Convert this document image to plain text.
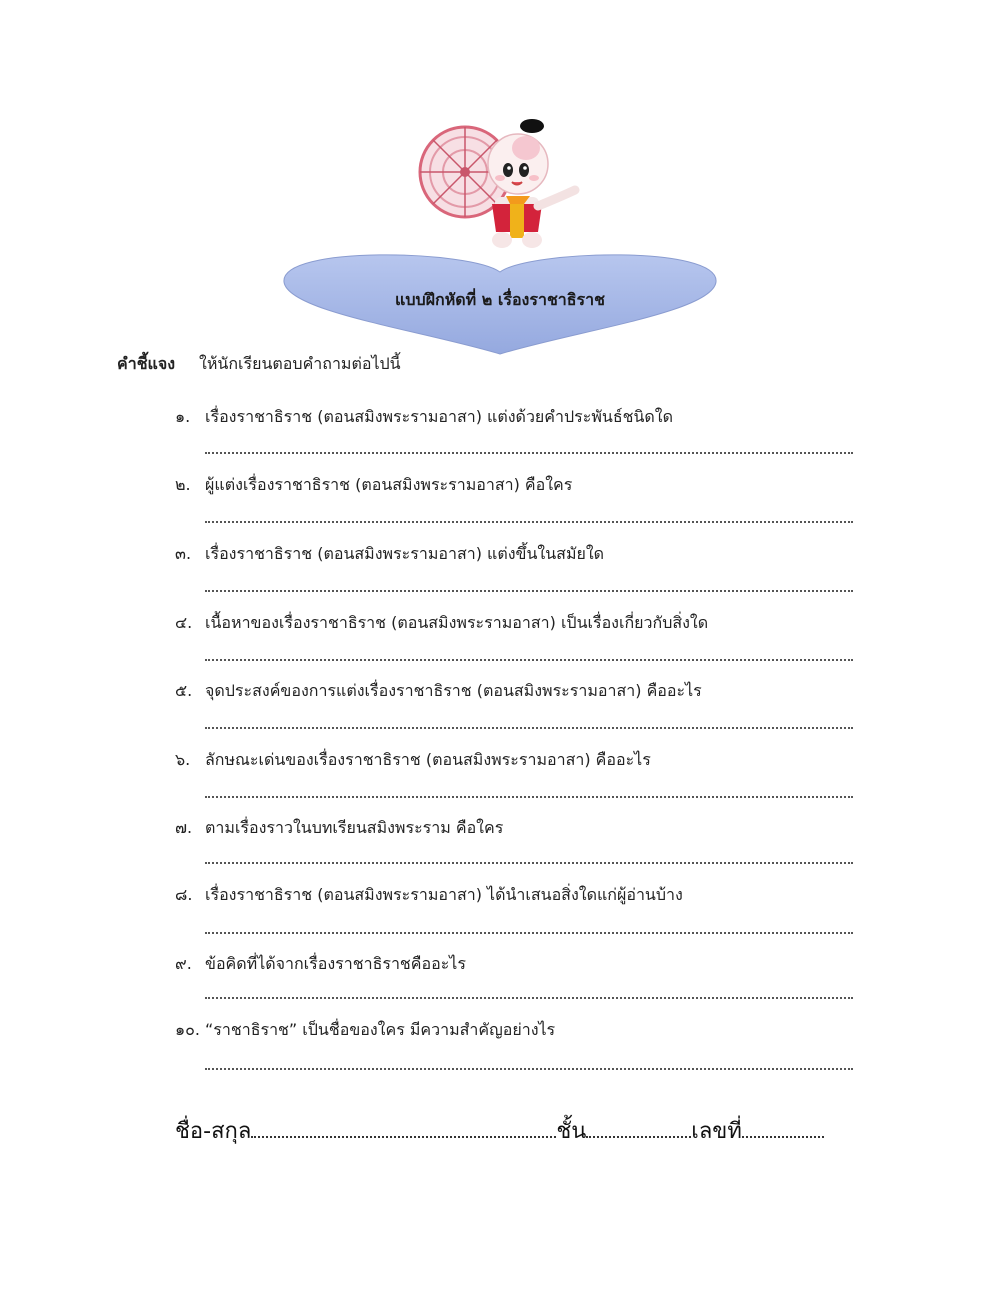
แบบฝึกหัดที่ ๒ เรื่องราชาธิราช
คำชี้แจง ให้นักเรียนตอบคำถามต่อไปนี้
๑. เรื่องราชาธิราช (ตอนสมิงพระรามอาสา) แต่งด้วยคำประพันธ์ชนิดใด
๒. ผู้แต่งเรื่องราชาธิราช (ตอนสมิงพระรามอาสา) คือใคร
๓. เรื่องราชาธิราช (ตอนสมิงพระรามอาสา) แต่งขึ้นในสมัยใด
๔. เนื้อหาของเรื่องราชาธิราช (ตอนสมิงพระรามอาสา) เป็นเรื่องเกี่ยวกับสิ่งใด
๕. จุดประสงค์ของการแต่งเรื่องราชาธิราช (ตอนสมิงพระรามอาสา) คืออะไร
๖. ลักษณะเด่นของเรื่องราชาธิราช (ตอนสมิงพระรามอาสา) คืออะไร
๗. ตามเรื่องราวในบทเรียนสมิงพระราม คือใคร
๘. เรื่องราชาธิราช (ตอนสมิงพระรามอาสา) ได้นำเสนอสิ่งใดแก่ผู้อ่านบ้าง
๙. ข้อคิดที่ได้จากเรื่องราชาธิราชคืออะไร
๑๐. “ราชาธิราช” เป็นชื่อของใคร มีความสำคัญอย่างไร
ชื่อ-สกุล	ชั้น	เลขที่
